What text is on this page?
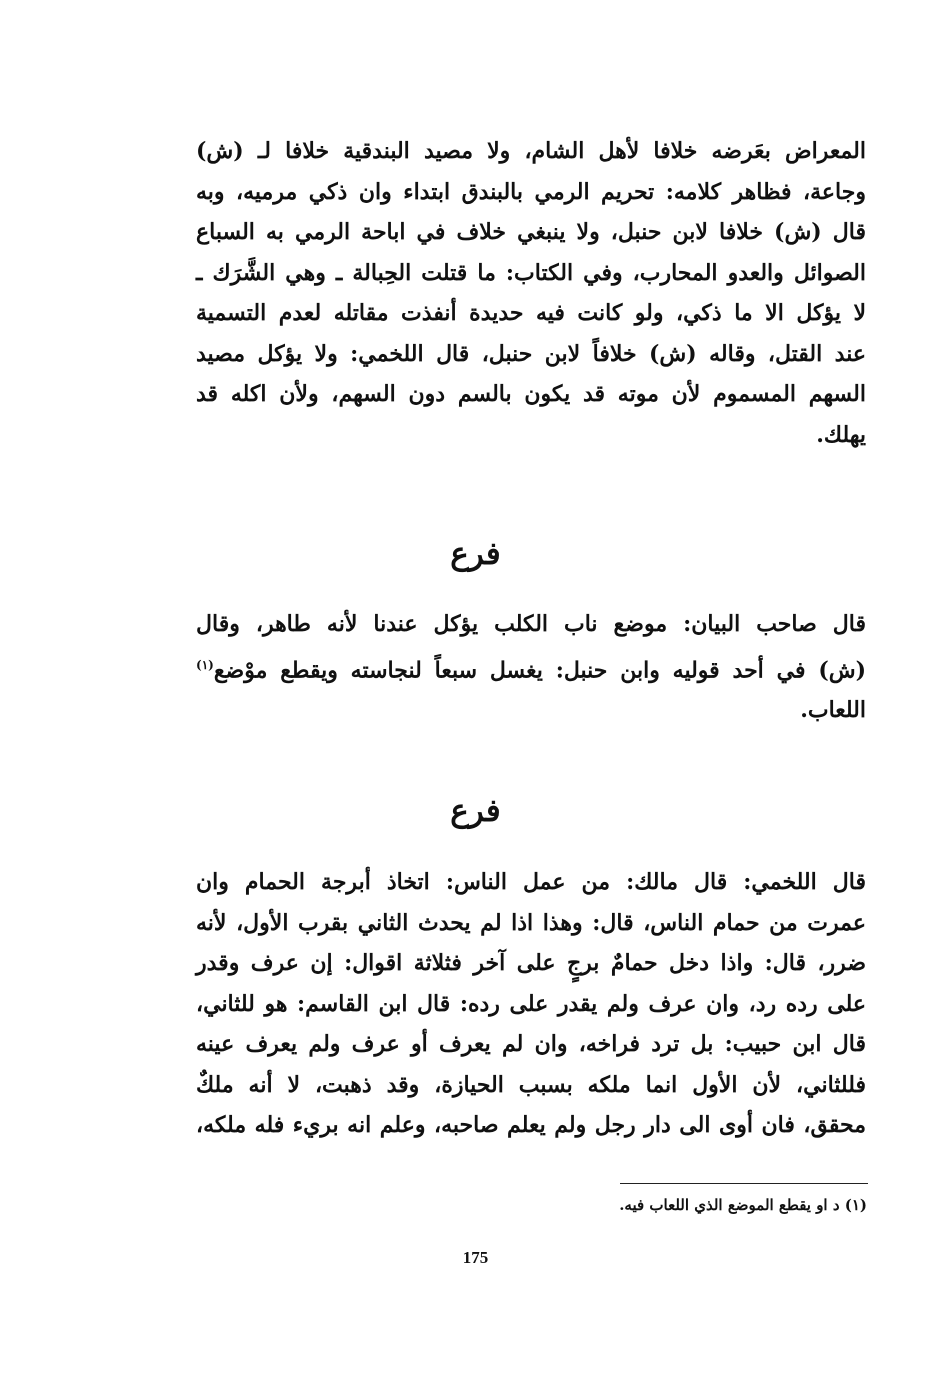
المعراض بعَرضه خلافا لأهل الشام، ولا مصيد البندقية خلافا لـ (ش)
وجاعة، فظاهر كلامه: تحريم الرمي بالبندق ابتداء وان ذكي مرميه، وبه
قال (ش) خلافا لابن حنبل، ولا ينبغي خلاف في اباحة الرمي به السباع
الصوائل والعدو المحارب، وفي الكتاب: ما قتلت الحِبالة ـ وهي الشَّرَك ـ
لا يؤكل الا ما ذكي، ولو كانت فيه حديدة أنفذت مقاتله لعدم التسمية
عند القتل، وقاله (ش) خلافاً لابن حنبل، قال اللخمي: ولا يؤكل مصيد
السهم المسموم لأن موته قد يكون بالسم دون السهم، ولأن اكله قد
يهلك.
فرع
قال صاحب البيان: موضع ناب الكلب يؤكل عندنا لأنه طاهر، وقال
(ش) في أحد قوليه وابن حنبل: يغسل سبعاً لنجاسته ويقطع موْضع$^{(١)}$
اللعاب.
فرع
قال اللخمي: قال مالك: من عمل الناس: اتخاذ أبرجة الحمام وان
عمرت من حمام الناس، قال: وهذا اذا لم يحدث الثاني بقرب الأول، لأنه
ضرر، قال: واذا دخل حمامٌ برجٍ على آخر فثلاثة اقوال: إن عرف وقدر
على رده رد، وان عرف ولم يقدر على رده: قال ابن القاسم: هو للثاني،
قال ابن حبيب: بل ترد فراخه، وان لم يعرف أو عرف ولم يعرف عينه
فللثاني، لأن الأول انما ملكه بسبب الحيازة، وقد ذهبت، لا أنه ملكٌ
محقق، فان أوى الى دار رجل ولم يعلم صاحبه، وعلم انه بريء فله ملكه،
(١) د او يقطع الموضع الذي اللعاب فيه.
175
